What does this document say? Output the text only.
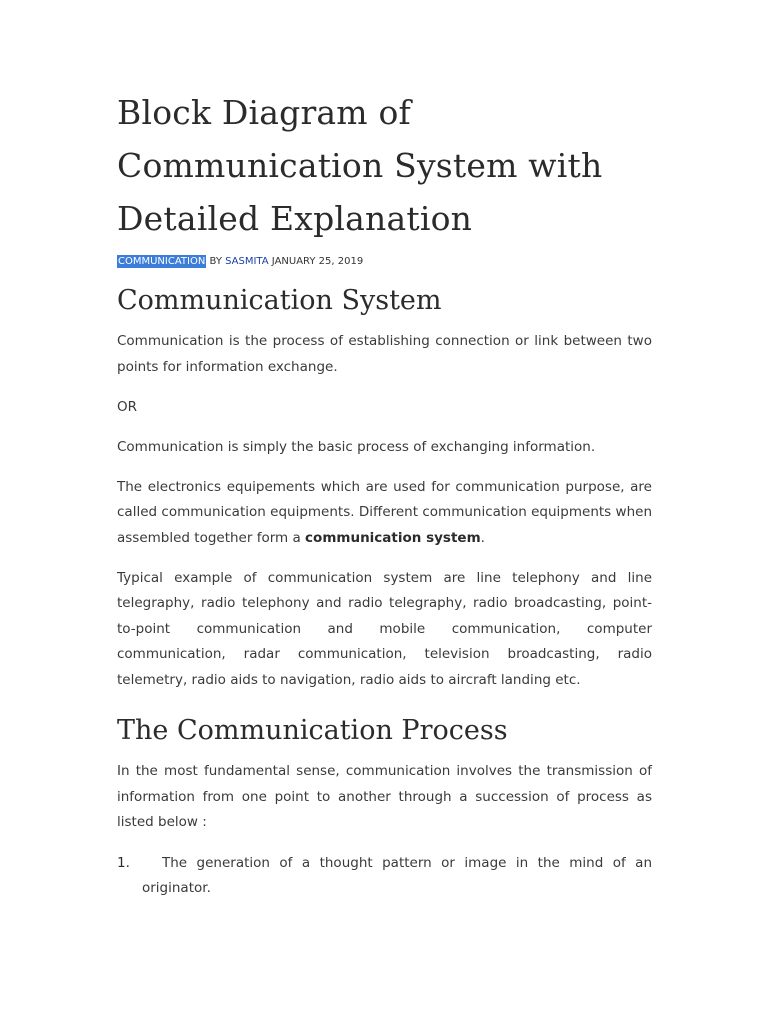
Block Diagram of Communication System with Detailed Explanation
COMMUNICATION BY SASMITA JANUARY 25, 2019
Communication System

Communication is the process of establishing connection or link between two points for information exchange.

OR

Communication is simply the basic process of exchanging information.

The electronics equipements which are used for communication purpose, are called communication equipments. Different communication equipments when assembled together form a communication system.

Typical example of communication system are line telephony and line telegraphy, radio telephony and radio telegraphy, radio broadcasting, point-to-point communication and mobile communication, computer communication, radar communication, television broadcasting, radio telemetry, radio aids to navigation, radio aids to aircraft landing etc.

The Communication Process

In the most fundamental sense, communication involves the transmission of information from one point to another through a succession of process as listed below :

1.	The generation of a thought pattern or image in the mind of an originator.
